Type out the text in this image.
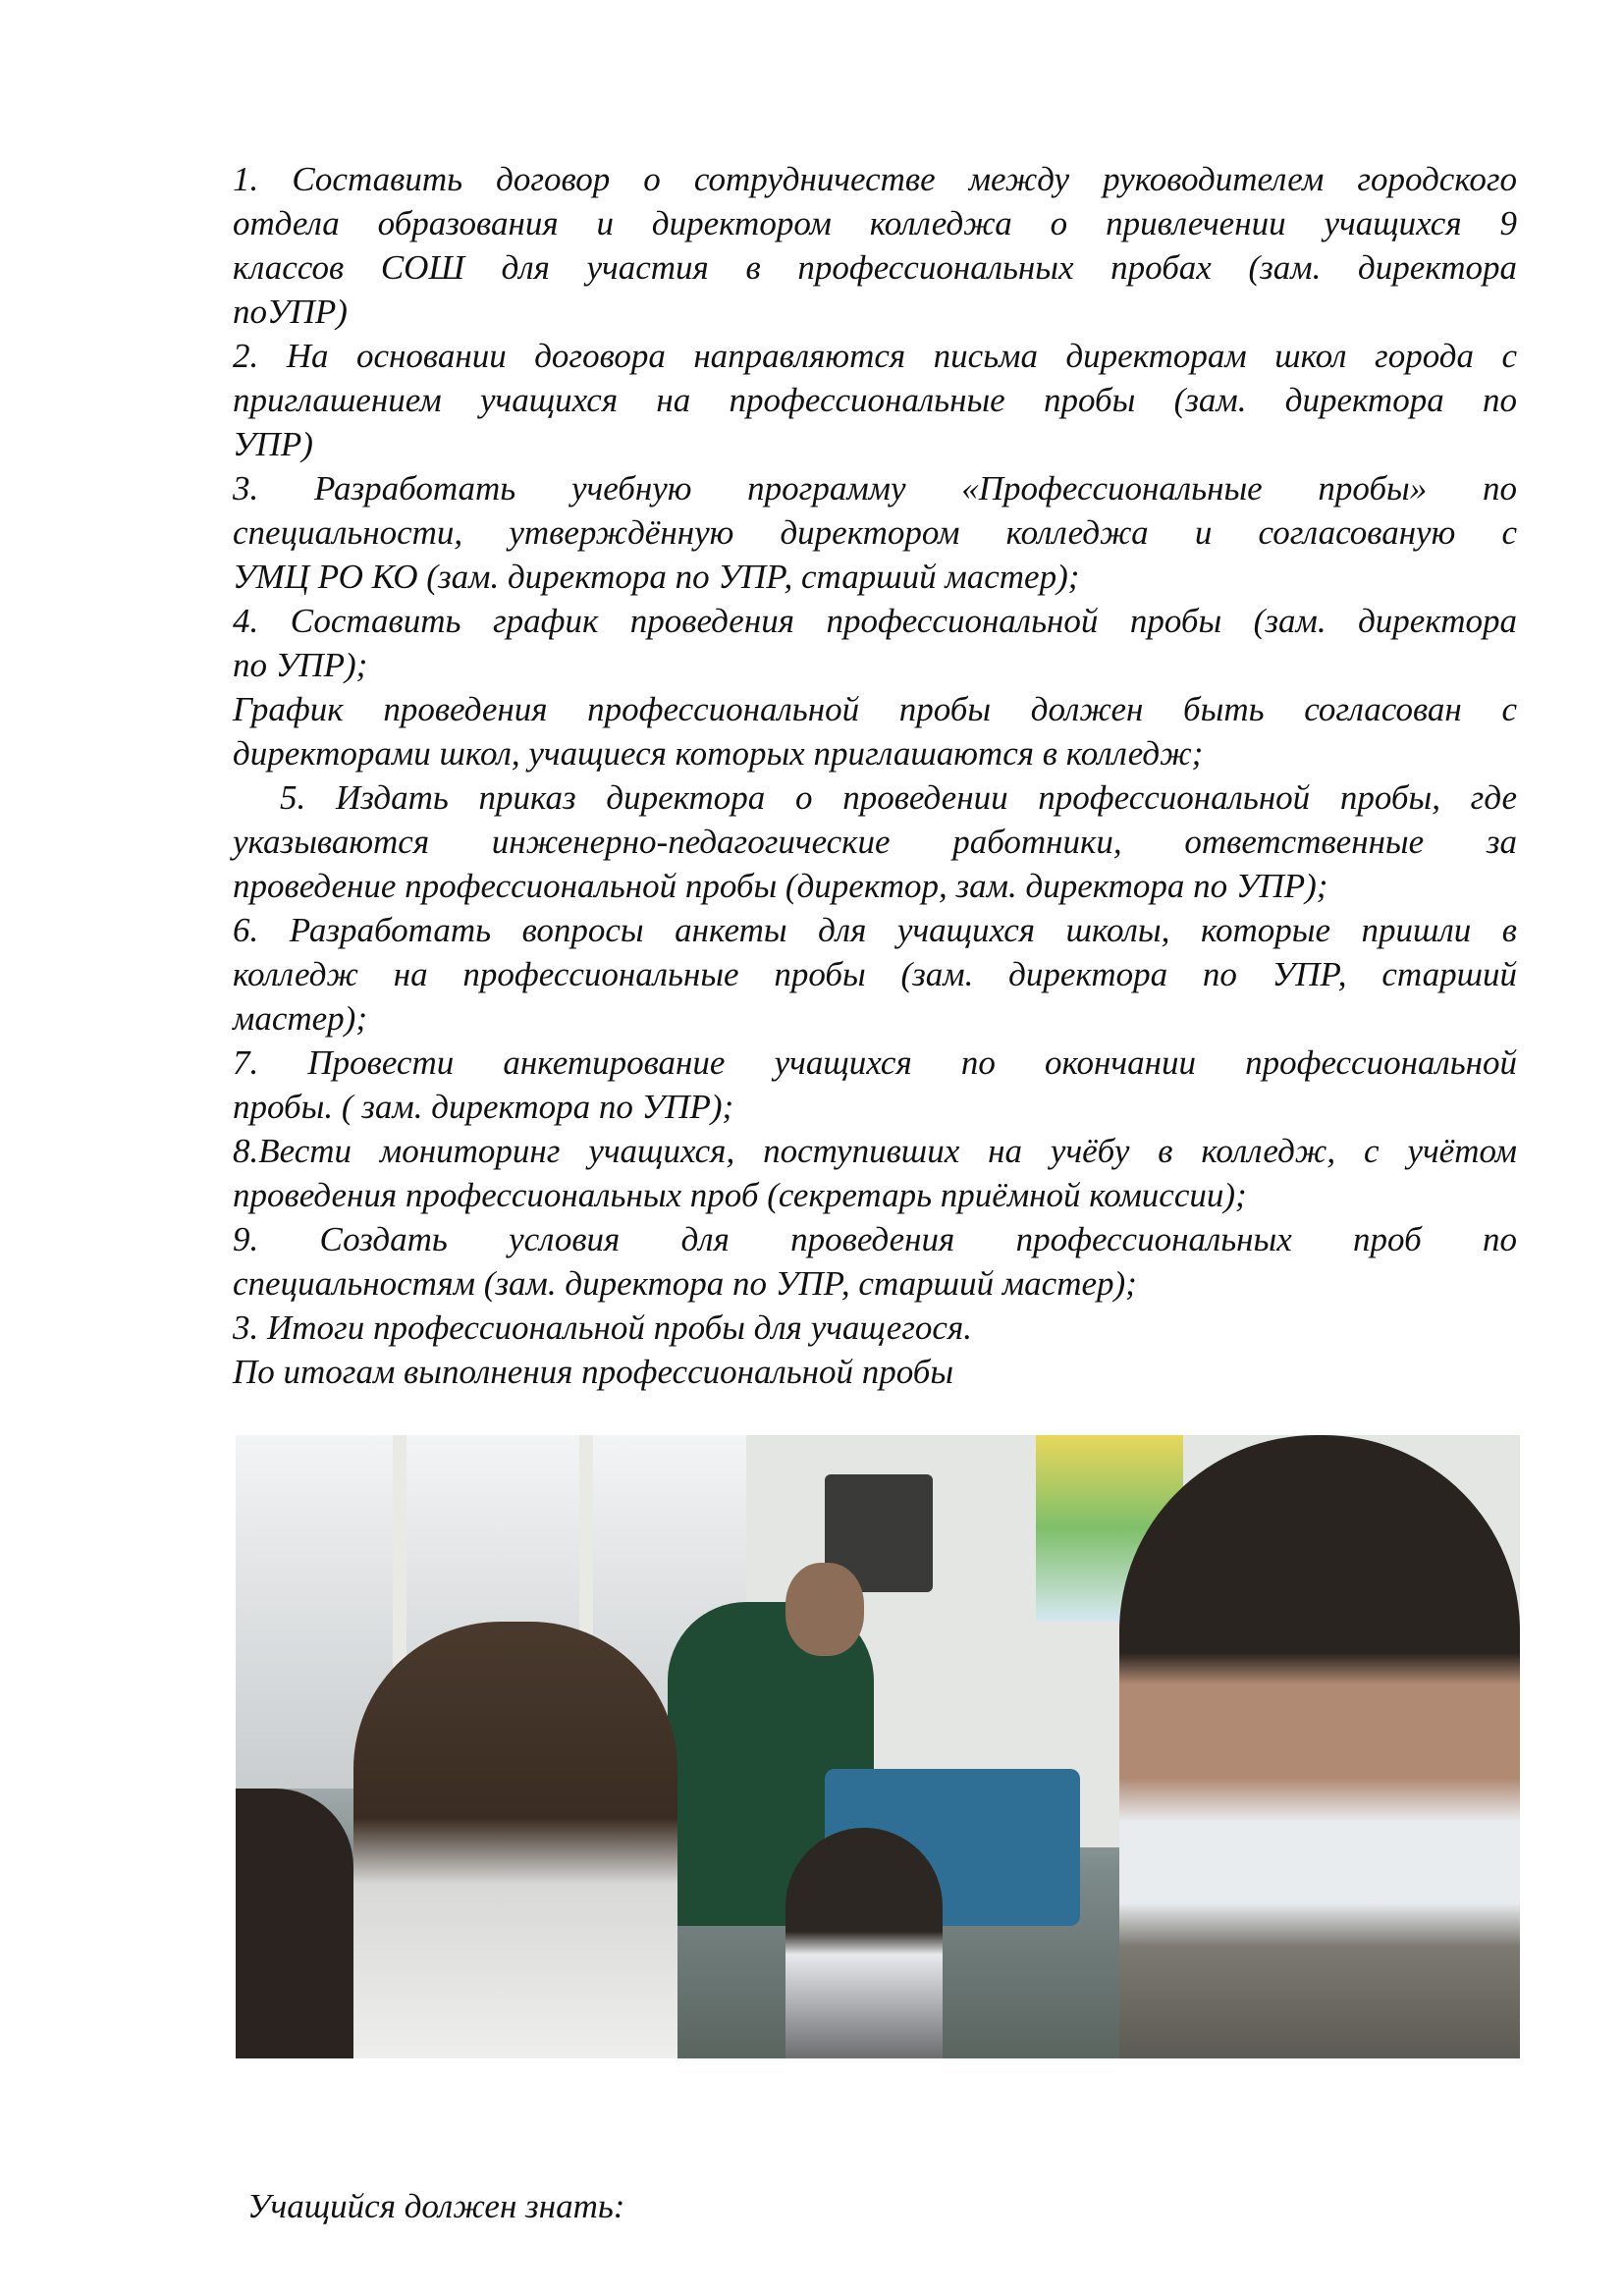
1. Составить договор о сотрудничестве между руководителем городского
отдела образования и директором колледжа о привлечении учащихся 9
классов СОШ для участия в профессиональных пробах (зам. директора
поУПР)
2. На основании договора направляются письма директорам школ города с
приглашением учащихся на профессиональные пробы (зам. директора по
УПР)
3. Разработать учебную программу «Профессиональные пробы» по
специальности, утверждённую директором колледжа и согласованую с
УМЦ РО КО (зам. директора по УПР, старший мастер);
4. Составить график проведения профессиональной пробы (зам. директора
по УПР);
График проведения профессиональной пробы должен быть согласован с
директорами школ, учащиеся которых приглашаются в колледж;
5. Издать приказ директора о проведении профессиональной пробы, где
указываются инженерно-педагогические работники, ответственные за
проведение профессиональной пробы (директор, зам. директора по УПР);
6. Разработать вопросы анкеты для учащихся школы, которые пришли в
колледж на профессиональные пробы (зам. директора по УПР, старший
мастер);
7. Провести анкетирование учащихся по окончании профессиональной
пробы. ( зам. директора по УПР);
8.Вести мониторинг учащихся, поступивших на учёбу в колледж, с учётом
проведения профессиональных проб (секретарь приёмной комиссии);
9. Создать условия для проведения профессиональных проб по
специальностям (зам. директора по УПР, старший мастер);
3. Итоги профессиональной пробы для учащегося.
По итогам выполнения профессиональной пробы
Учащийся должен знать:
